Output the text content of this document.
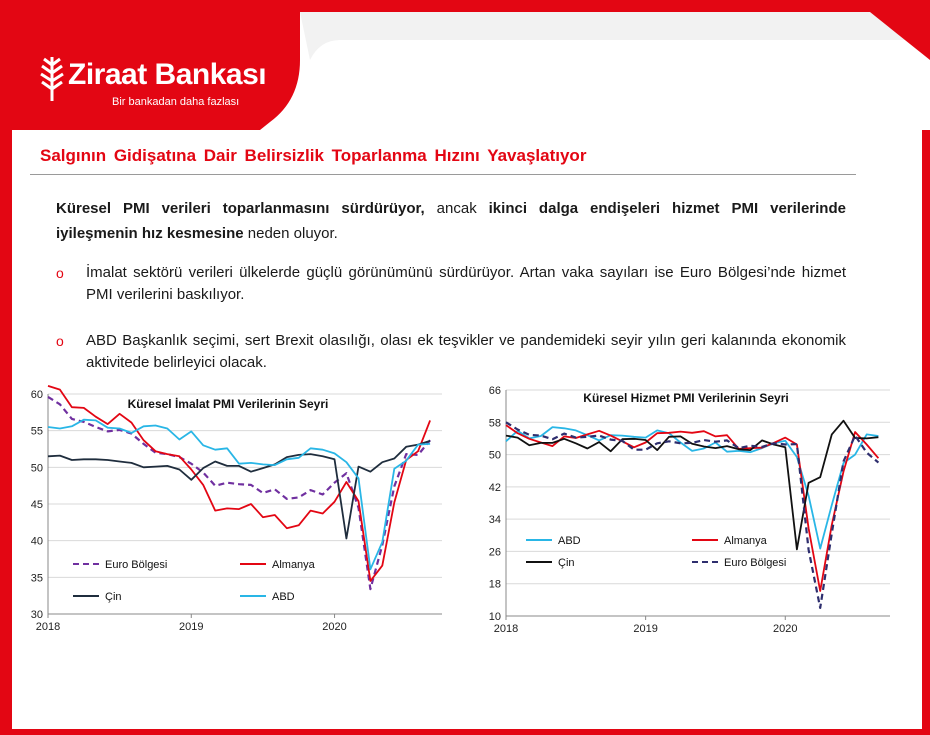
Ziraat Bankası
Bir bankadan daha fazlası
Salgının Gidişatına Dair Belirsizlik Toparlanma Hızını Yavaşlatıyor
Küresel PMI verileri toparlanmasını sürdürüyor, ancak ikinci dalga endişeleri hizmet PMI verilerinde iyileşmenin hız kesmesine neden oluyor.
o İmalat sektörü verileri ülkelerde güçlü görünümünü sürdürüyor. Artan vaka sayıları ise Euro Bölgesi’nde hizmet PMI verilerini baskılıyor.
o ABD Başkanlık seçimi, sert Brexit olasılığı, olası ek teşvikler ve pandemideki seyir yılın geri kalanında ekonomik aktivitede belirleyici olacak.
30
35
40
45
50
55
60
2018	2019	2020
Küresel İmalat PMI Verilerinin Seyri
Euro Bölgesi	Almanya
Çin	ABD
10
18
26
34
42
50
58
66
2018	2019	2020
Küresel Hizmet PMI Verilerinin Seyri
ABD	Almanya
Çin	Euro Bölgesi
